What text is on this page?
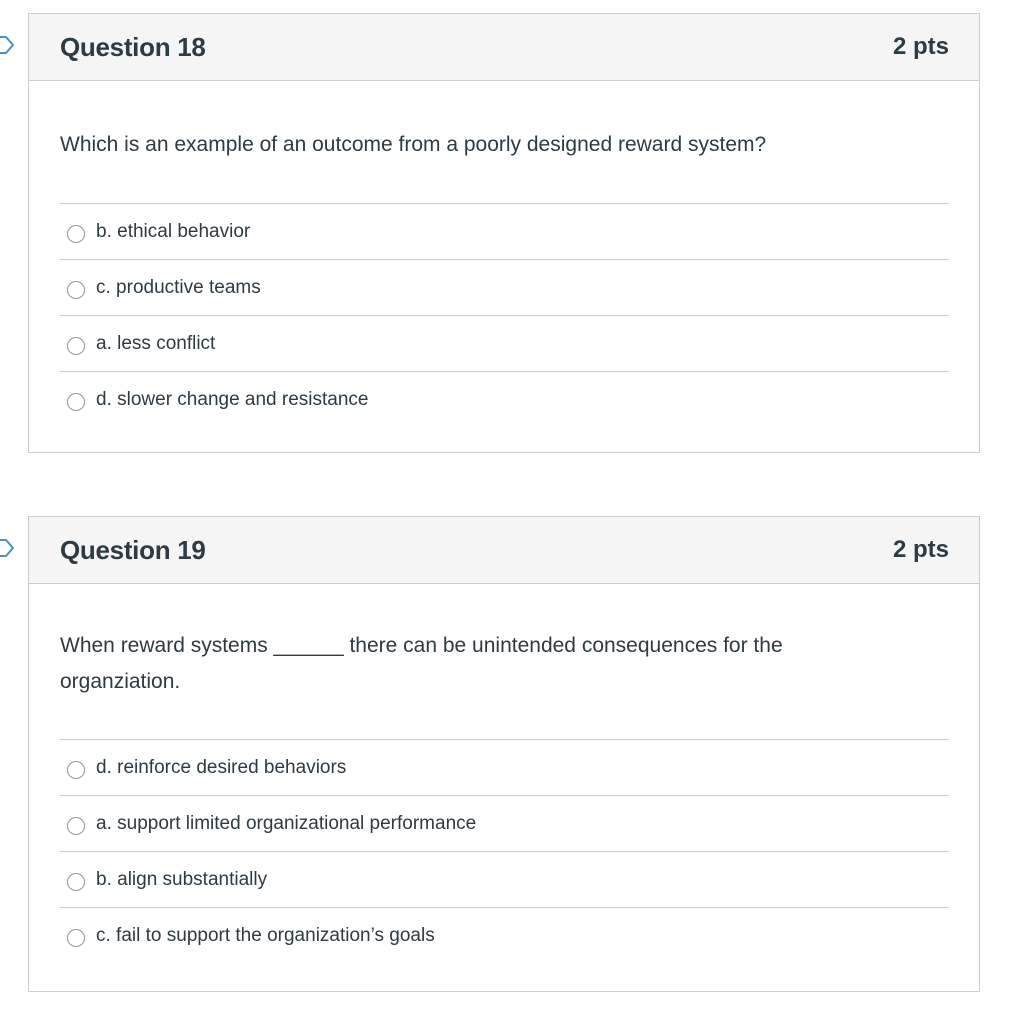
Question 18	2 pts

Which is an example of an outcome from a poorly designed reward system?

b. ethical behavior
c. productive teams
a. less conflict
d. slower change and resistance
Question 19	2 pts

When reward systems ______ there can be unintended consequences for the

organziation.

d. reinforce desired behaviors
a. support limited organizational performance
b. align substantially
c. fail to support the organization’s goals
